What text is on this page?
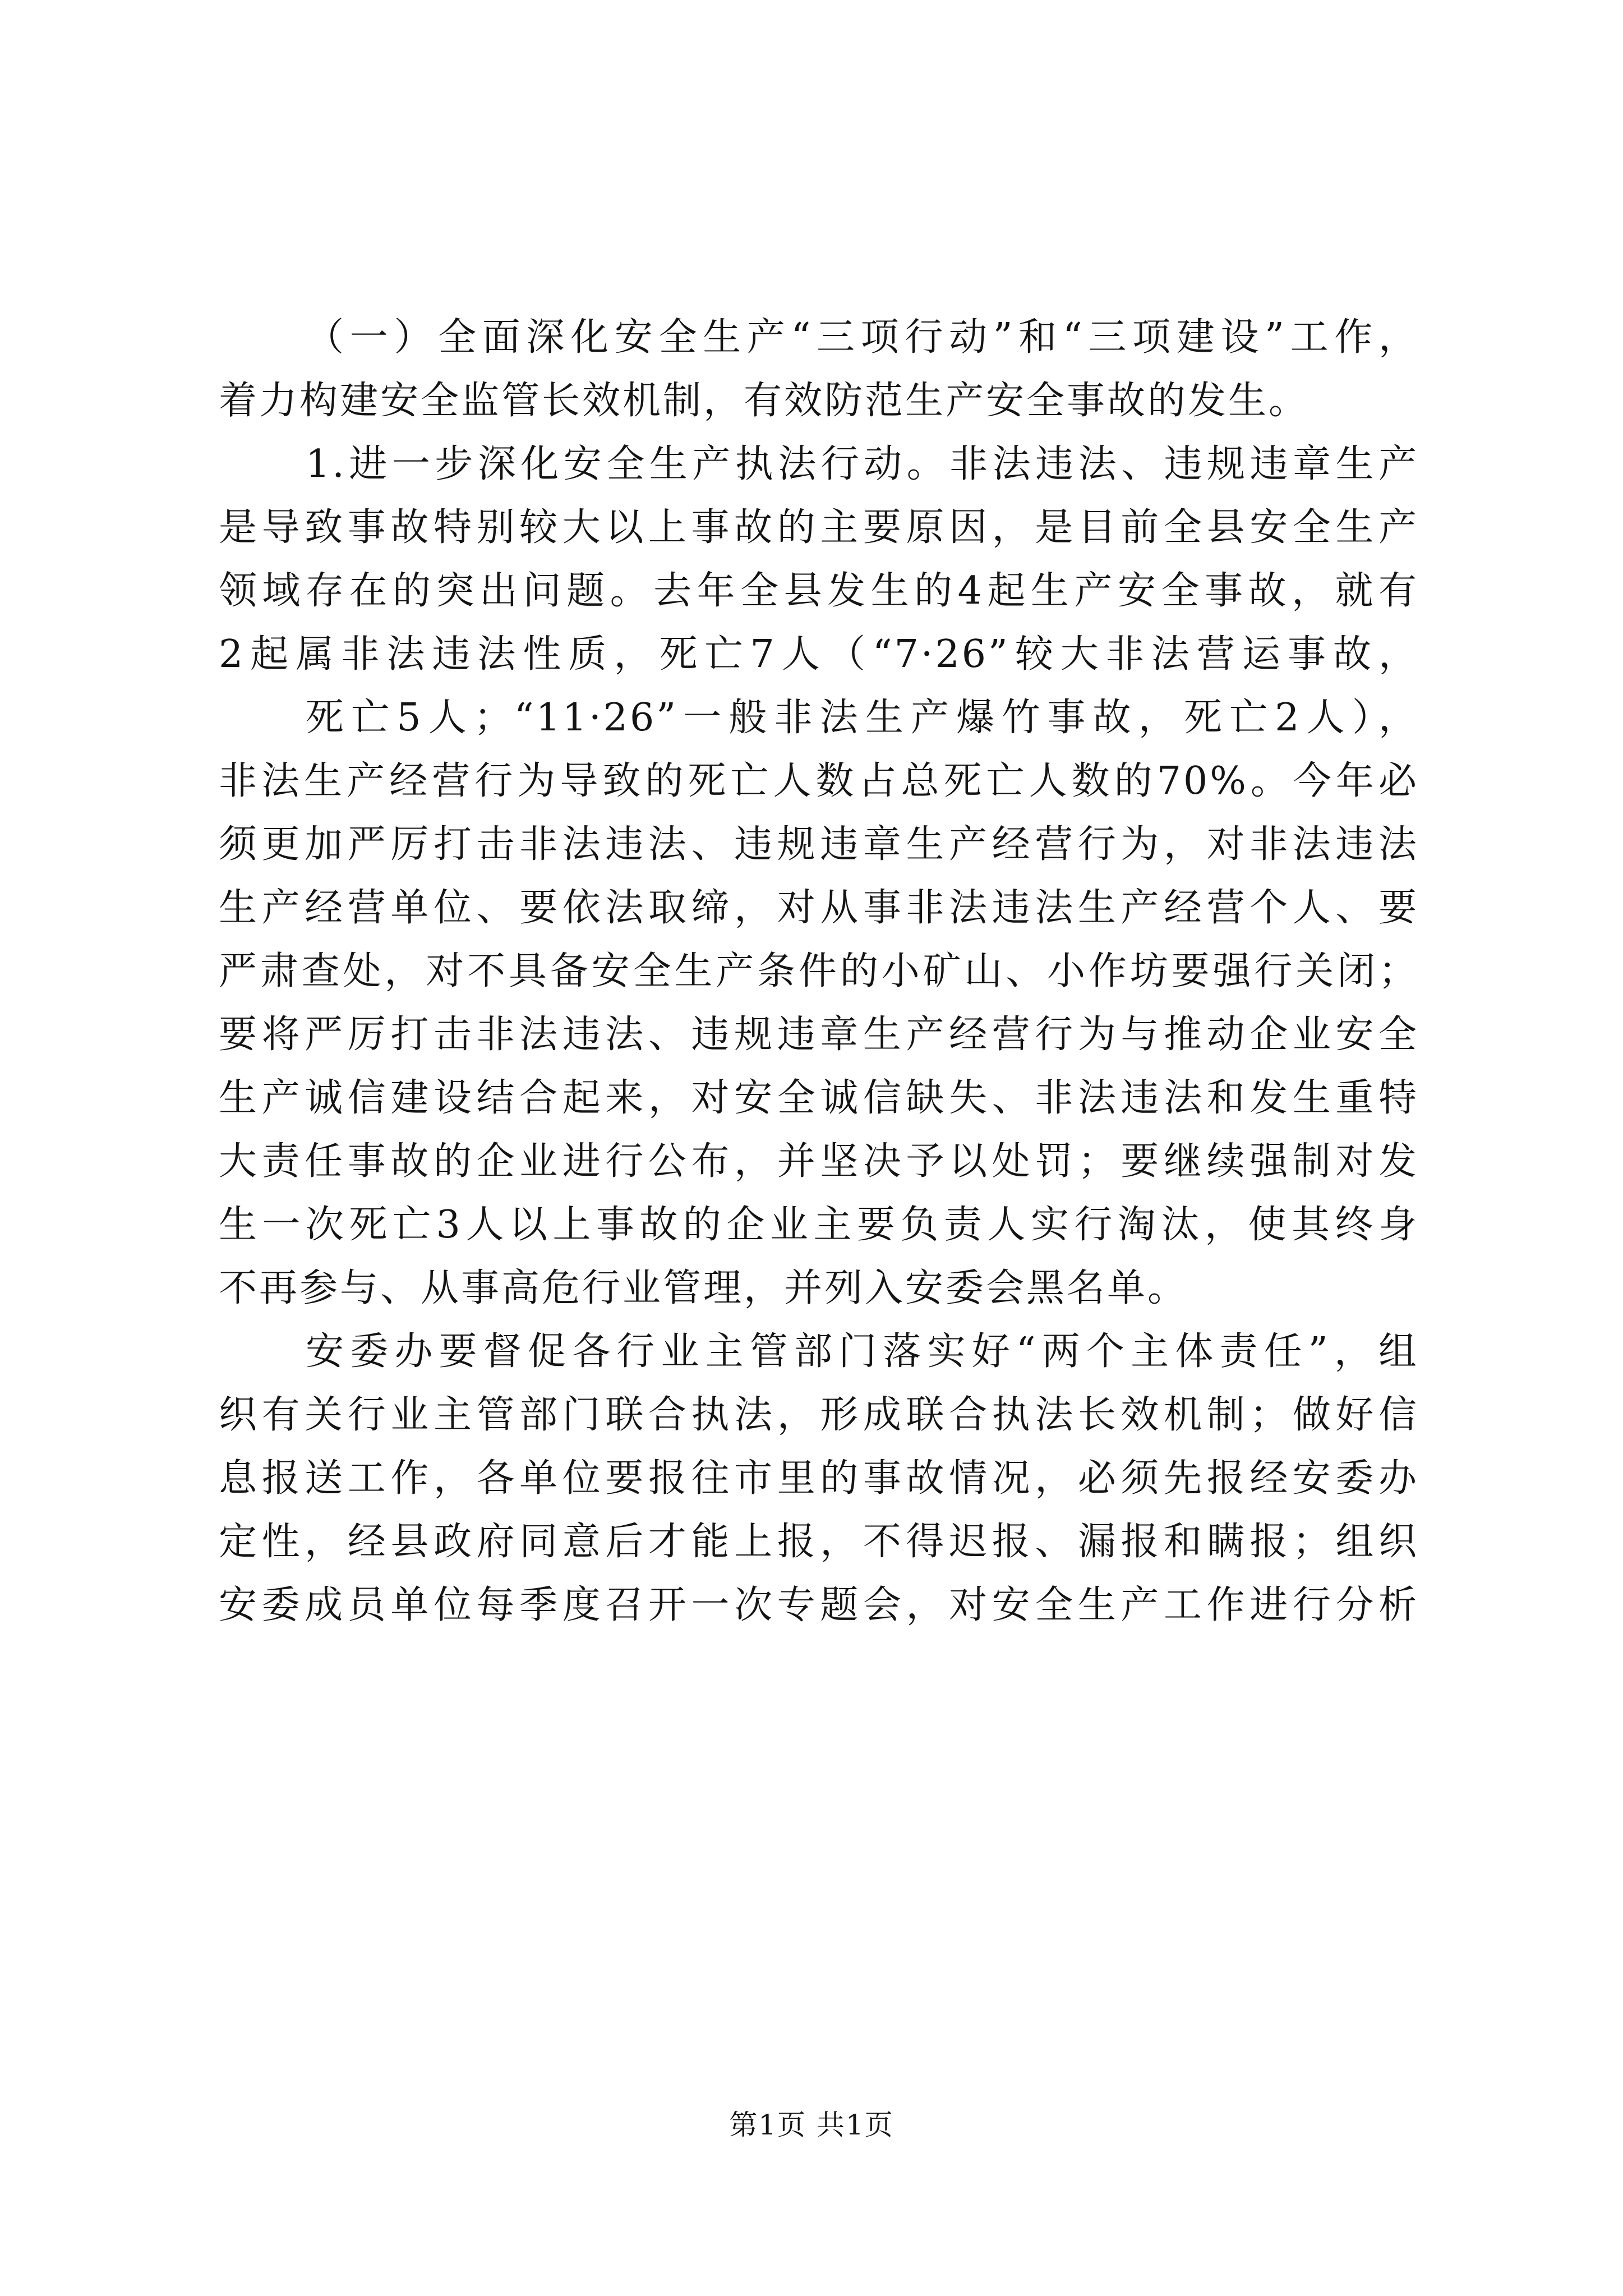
（一）全面深化安全生产“三项行动”和“三项建设”工作，
着力构建安全监管长效机制，有效防范生产安全事故的发生。
1.进一步深化安全生产执法行动。非法违法、违规违章生产
是导致事故特别较大以上事故的主要原因，是目前全县安全生产
领域存在的突出问题。去年全县发生的4起生产安全事故，就有
2起属非法违法性质，死亡7人（“7·26”较大非法营运事故，
死亡5人；“11·26”一般非法生产爆竹事故，死亡2人），
非法生产经营行为导致的死亡人数占总死亡人数的70%。今年必
须更加严厉打击非法违法、违规违章生产经营行为，对非法违法
生产经营单位、要依法取缔，对从事非法违法生产经营个人、要
严肃查处，对不具备安全生产条件的小矿山、小作坊要强行关闭；
要将严厉打击非法违法、违规违章生产经营行为与推动企业安全
生产诚信建设结合起来，对安全诚信缺失、非法违法和发生重特
大责任事故的企业进行公布，并坚决予以处罚；要继续强制对发
生一次死亡3人以上事故的企业主要负责人实行淘汰，使其终身
不再参与、从事高危行业管理，并列入安委会黑名单。
安委办要督促各行业主管部门落实好“两个主体责任”，组
织有关行业主管部门联合执法，形成联合执法长效机制；做好信
息报送工作，各单位要报往市里的事故情况，必须先报经安委办
定性，经县政府同意后才能上报，不得迟报、漏报和瞒报；组织
安委成员单位每季度召开一次专题会，对安全生产工作进行分析
第1页 共1页
